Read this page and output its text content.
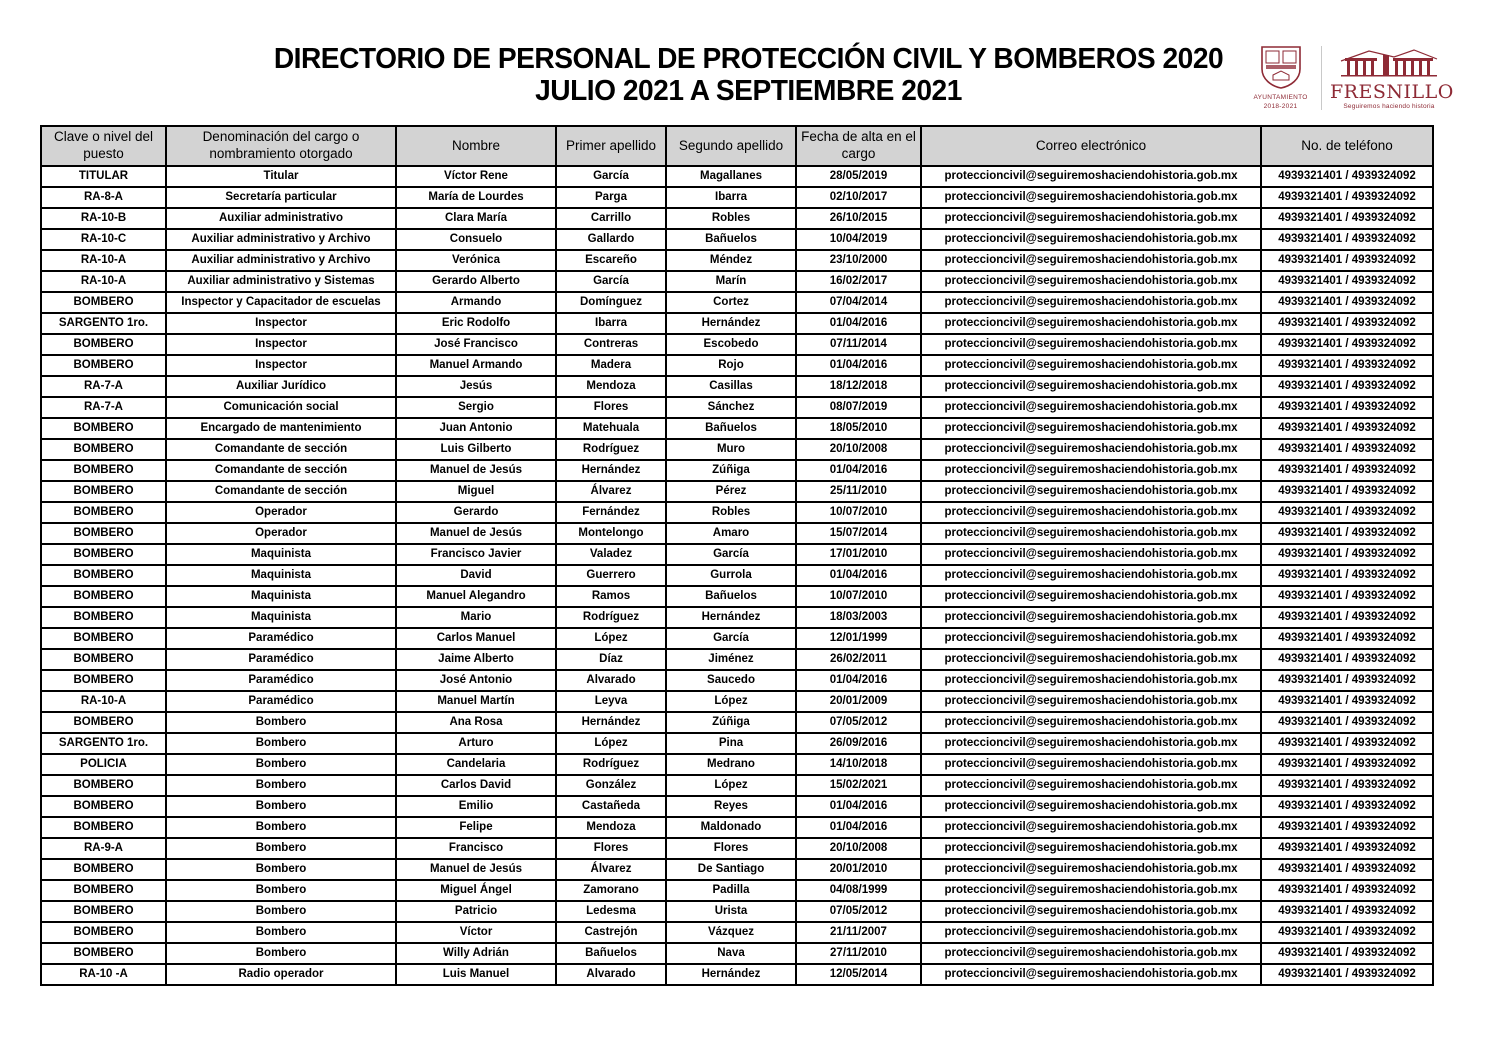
DIRECTORIO DE PERSONAL DE PROTECCIÓN CIVIL Y BOMBEROS 2020
JULIO 2021 A SEPTIEMBRE 2021	AYUNTAMIENTO
2018-2021
FRESNILLO
Seguiremos haciendo historia
Clave o nivel del puesto	Denominación del cargo o nombramiento otorgado	Nombre	Primer apellido	Segundo apellido	Fecha de alta en el cargo	Correo electrónico	No. de teléfono
TITULAR	Titular	Víctor Rene	García	Magallanes	28/05/2019	proteccioncivil@seguiremoshaciendohistoria.gob.mx	4939321401 / 4939324092
RA-8-A	Secretaría particular	María de Lourdes	Parga	Ibarra	02/10/2017	proteccioncivil@seguiremoshaciendohistoria.gob.mx	4939321401 / 4939324092
RA-10-B	Auxiliar administrativo	Clara María	Carrillo	Robles	26/10/2015	proteccioncivil@seguiremoshaciendohistoria.gob.mx	4939321401 / 4939324092
RA-10-C	Auxiliar administrativo y Archivo	Consuelo	Gallardo	Bañuelos	10/04/2019	proteccioncivil@seguiremoshaciendohistoria.gob.mx	4939321401 / 4939324092
RA-10-A	Auxiliar administrativo y Archivo	Verónica	Escareño	Méndez	23/10/2000	proteccioncivil@seguiremoshaciendohistoria.gob.mx	4939321401 / 4939324092
RA-10-A	Auxiliar administrativo y Sistemas	Gerardo Alberto	García	Marín	16/02/2017	proteccioncivil@seguiremoshaciendohistoria.gob.mx	4939321401 / 4939324092
BOMBERO	Inspector y Capacitador de escuelas	Armando	Domínguez	Cortez	07/04/2014	proteccioncivil@seguiremoshaciendohistoria.gob.mx	4939321401 / 4939324092
SARGENTO 1ro.	Inspector	Eric Rodolfo	Ibarra	Hernández	01/04/2016	proteccioncivil@seguiremoshaciendohistoria.gob.mx	4939321401 / 4939324092
BOMBERO	Inspector	José Francisco	Contreras	Escobedo	07/11/2014	proteccioncivil@seguiremoshaciendohistoria.gob.mx	4939321401 / 4939324092
BOMBERO	Inspector	Manuel Armando	Madera	Rojo	01/04/2016	proteccioncivil@seguiremoshaciendohistoria.gob.mx	4939321401 / 4939324092
RA-7-A	Auxiliar Jurídico	Jesús	Mendoza	Casillas	18/12/2018	proteccioncivil@seguiremoshaciendohistoria.gob.mx	4939321401 / 4939324092
RA-7-A	Comunicación social	Sergio	Flores	Sánchez	08/07/2019	proteccioncivil@seguiremoshaciendohistoria.gob.mx	4939321401 / 4939324092
BOMBERO	Encargado de mantenimiento	Juan Antonio	Matehuala	Bañuelos	18/05/2010	proteccioncivil@seguiremoshaciendohistoria.gob.mx	4939321401 / 4939324092
BOMBERO	Comandante de sección	Luis Gilberto	Rodríguez	Muro	20/10/2008	proteccioncivil@seguiremoshaciendohistoria.gob.mx	4939321401 / 4939324092
BOMBERO	Comandante de sección	Manuel de Jesús	Hernández	Zúñiga	01/04/2016	proteccioncivil@seguiremoshaciendohistoria.gob.mx	4939321401 / 4939324092
BOMBERO	Comandante de sección	Miguel	Álvarez	Pérez	25/11/2010	proteccioncivil@seguiremoshaciendohistoria.gob.mx	4939321401 / 4939324092
BOMBERO	Operador	Gerardo	Fernández	Robles	10/07/2010	proteccioncivil@seguiremoshaciendohistoria.gob.mx	4939321401 / 4939324092
BOMBERO	Operador	Manuel de Jesús	Montelongo	Amaro	15/07/2014	proteccioncivil@seguiremoshaciendohistoria.gob.mx	4939321401 / 4939324092
BOMBERO	Maquinista	Francisco Javier	Valadez	García	17/01/2010	proteccioncivil@seguiremoshaciendohistoria.gob.mx	4939321401 / 4939324092
BOMBERO	Maquinista	David	Guerrero	Gurrola	01/04/2016	proteccioncivil@seguiremoshaciendohistoria.gob.mx	4939321401 / 4939324092
BOMBERO	Maquinista	Manuel Alegandro	Ramos	Bañuelos	10/07/2010	proteccioncivil@seguiremoshaciendohistoria.gob.mx	4939321401 / 4939324092
BOMBERO	Maquinista	Mario	Rodríguez	Hernández	18/03/2003	proteccioncivil@seguiremoshaciendohistoria.gob.mx	4939321401 / 4939324092
BOMBERO	Paramédico	Carlos Manuel	López	García	12/01/1999	proteccioncivil@seguiremoshaciendohistoria.gob.mx	4939321401 / 4939324092
BOMBERO	Paramédico	Jaime Alberto	Díaz	Jiménez	26/02/2011	proteccioncivil@seguiremoshaciendohistoria.gob.mx	4939321401 / 4939324092
BOMBERO	Paramédico	José Antonio	Alvarado	Saucedo	01/04/2016	proteccioncivil@seguiremoshaciendohistoria.gob.mx	4939321401 / 4939324092
RA-10-A	Paramédico	Manuel Martín	Leyva	López	20/01/2009	proteccioncivil@seguiremoshaciendohistoria.gob.mx	4939321401 / 4939324092
BOMBERO	Bombero	Ana Rosa	Hernández	Zúñiga	07/05/2012	proteccioncivil@seguiremoshaciendohistoria.gob.mx	4939321401 / 4939324092
SARGENTO 1ro.	Bombero	Arturo	López	Pina	26/09/2016	proteccioncivil@seguiremoshaciendohistoria.gob.mx	4939321401 / 4939324092
POLICIA	Bombero	Candelaria	Rodríguez	Medrano	14/10/2018	proteccioncivil@seguiremoshaciendohistoria.gob.mx	4939321401 / 4939324092
BOMBERO	Bombero	Carlos David	González	López	15/02/2021	proteccioncivil@seguiremoshaciendohistoria.gob.mx	4939321401 / 4939324092
BOMBERO	Bombero	Emilio	Castañeda	Reyes	01/04/2016	proteccioncivil@seguiremoshaciendohistoria.gob.mx	4939321401 / 4939324092
BOMBERO	Bombero	Felipe	Mendoza	Maldonado	01/04/2016	proteccioncivil@seguiremoshaciendohistoria.gob.mx	4939321401 / 4939324092
RA-9-A	Bombero	Francisco	Flores	Flores	20/10/2008	proteccioncivil@seguiremoshaciendohistoria.gob.mx	4939321401 / 4939324092
BOMBERO	Bombero	Manuel de Jesús	Álvarez	De Santiago	20/01/2010	proteccioncivil@seguiremoshaciendohistoria.gob.mx	4939321401 / 4939324092
BOMBERO	Bombero	Miguel Ángel	Zamorano	Padilla	04/08/1999	proteccioncivil@seguiremoshaciendohistoria.gob.mx	4939321401 / 4939324092
BOMBERO	Bombero	Patricio	Ledesma	Urista	07/05/2012	proteccioncivil@seguiremoshaciendohistoria.gob.mx	4939321401 / 4939324092
BOMBERO	Bombero	Víctor	Castrejón	Vázquez	21/11/2007	proteccioncivil@seguiremoshaciendohistoria.gob.mx	4939321401 / 4939324092
BOMBERO	Bombero	Willy Adrián	Bañuelos	Nava	27/11/2010	proteccioncivil@seguiremoshaciendohistoria.gob.mx	4939321401 / 4939324092
RA-10 -A	Radio operador	Luis Manuel	Alvarado	Hernández	12/05/2014	proteccioncivil@seguiremoshaciendohistoria.gob.mx	4939321401 / 4939324092
